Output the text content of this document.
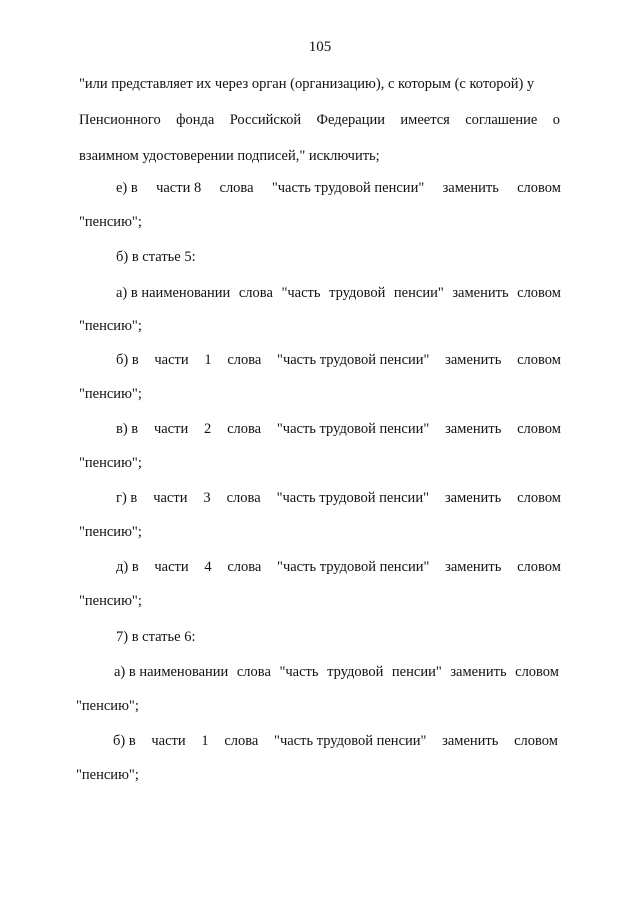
105
"или представляет их через орган (организацию), с которым (с которой) у
Пенсионного фонда Российской Федерации имеется соглашение о
взаимном удостоверении подписей," исключить;
е) в части 8 слова "часть трудовой пенсии" заменить словом
"пенсию";
б) в статье 5:
а) в наименовании слова "часть трудовой пенсии" заменить словом
"пенсию";
б) в части 1 слова "часть трудовой пенсии" заменить словом
"пенсию";
в) в части 2 слова "часть трудовой пенсии" заменить словом
"пенсию";
г) в части 3 слова "часть трудовой пенсии" заменить словом
"пенсию";
д) в части 4 слова "часть трудовой пенсии" заменить словом
"пенсию";
7) в статье 6:
а) в наименовании слова "часть трудовой пенсии" заменить словом
"пенсию";
б) в части 1 слова "часть трудовой пенсии" заменить словом
"пенсию";
